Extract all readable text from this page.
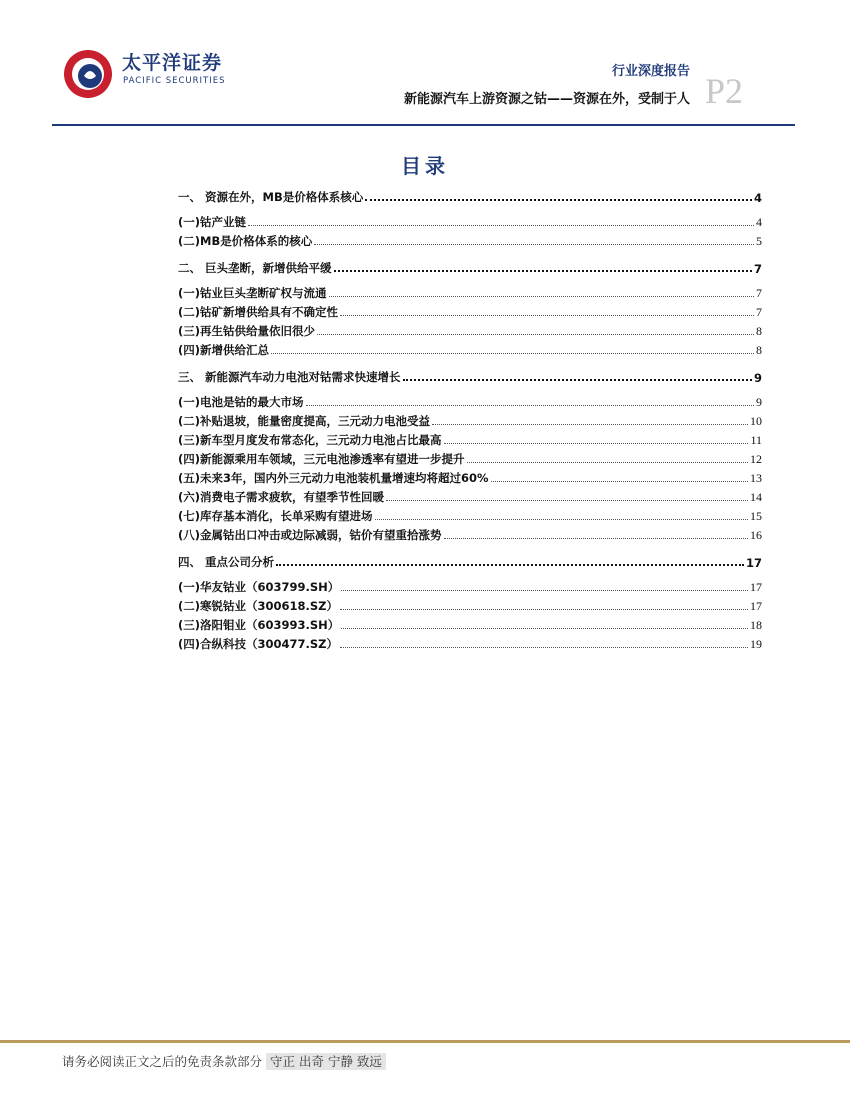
太平洋证券
PACIFIC SECURITIES
行业深度报告
新能源汽车上游资源之钴——资源在外，受制于人 P2
目录
一、 资源在外，MB是价格体系核心	4
(一)钴产业链	4
(二)MB是价格体系的核心	5
二、 巨头垄断，新增供给平缓	7
(一)钴业巨头垄断矿权与流通	7
(二)钴矿新增供给具有不确定性	7
(三)再生钴供给量依旧很少	8
(四)新增供给汇总	8
三、 新能源汽车动力电池对钴需求快速增长	9
(一)电池是钴的最大市场	9
(二)补贴退坡，能量密度提高，三元动力电池受益	10
(三)新车型月度发布常态化，三元动力电池占比最高	11
(四)新能源乘用车领域，三元电池渗透率有望进一步提升	12
(五)未来3年，国内外三元动力电池装机量增速均将超过60%	13
(六)消费电子需求疲软，有望季节性回暖	14
(七)库存基本消化，长单采购有望进场	15
(八)金属钴出口冲击或边际减弱，钴价有望重拾涨势	16
四、 重点公司分析	17
(一)华友钴业（603799.SH）	17
(二)寒锐钴业（300618.SZ）	17
(三)洛阳钼业（603993.SH）	18
(四)合纵科技（300477.SZ）	19
请务必阅读正文之后的免责条款部分 守正 出奇 宁静 致远
